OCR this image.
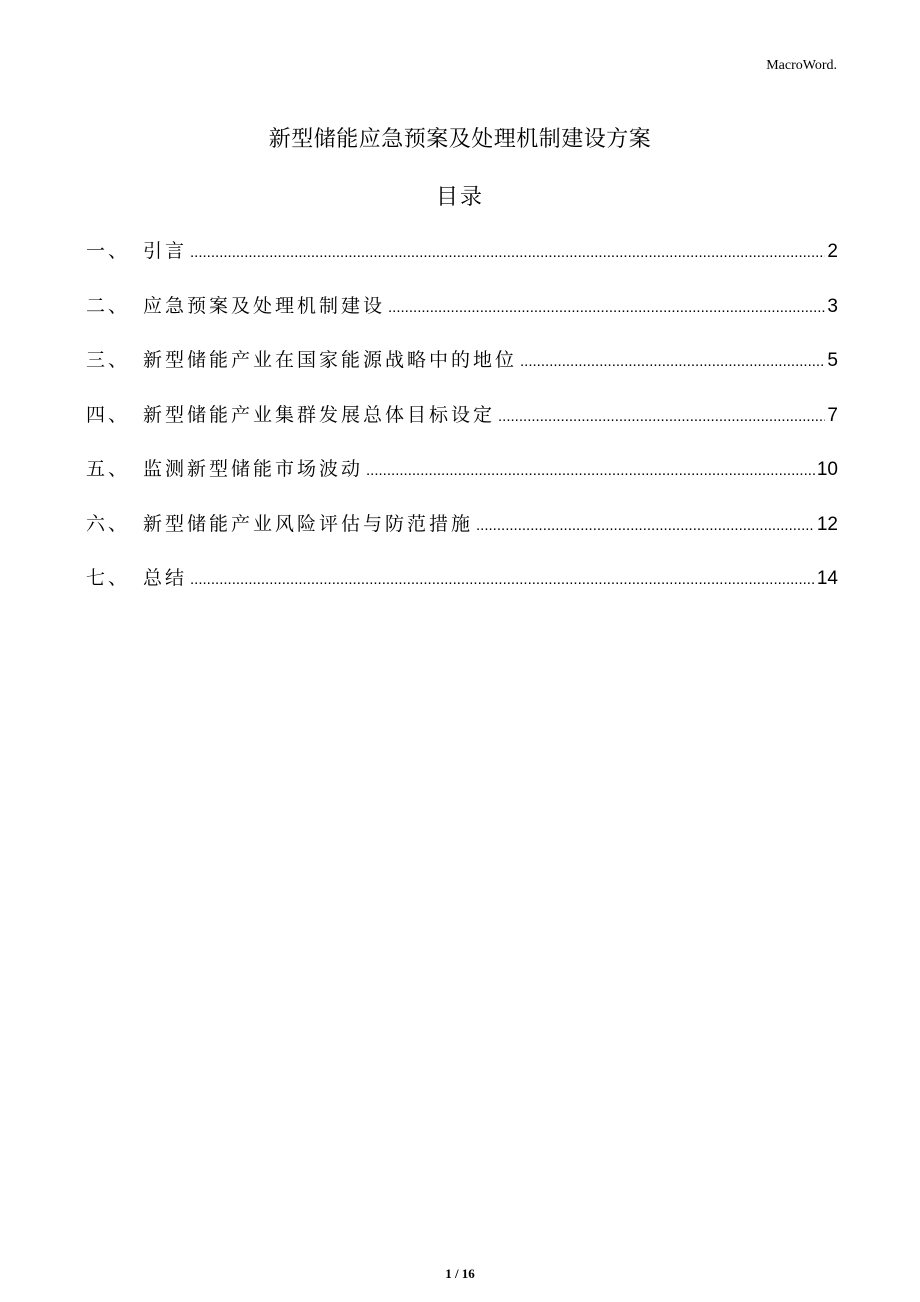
MacroWord.
新型储能应急预案及处理机制建设方案
目录
一、 引言 .....	2
二、 应急预案及处理机制建设 .....	3
三、 新型储能产业在国家能源战略中的地位 .....	5
四、 新型储能产业集群发展总体目标设定 .....	7
五、 监测新型储能市场波动 .....	10
六、 新型储能产业风险评估与防范措施 .....	12
七、 总结 .....	14
1 / 16
